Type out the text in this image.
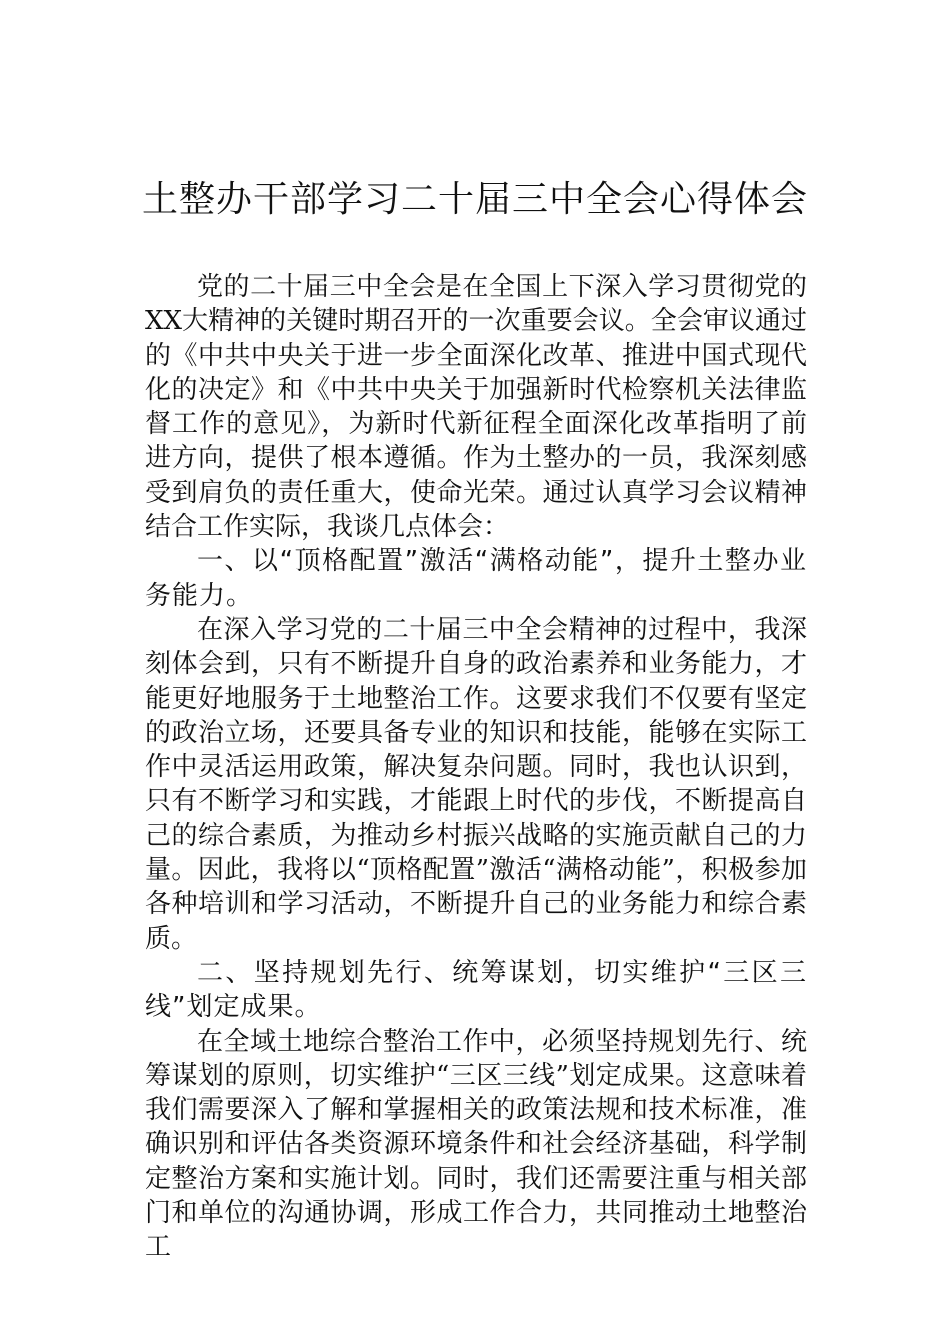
土整办干部学习二十届三中全会心得体会

党的二十届三中全会是在全国上下深入学习贯彻党的XX大精神的关键时期召开的一次重要会议。全会审议通过的《中共中央关于进一步全面深化改革、推进中国式现代化的决定》和《中共中央关于加强新时代检察机关法律监督工作的意见》，为新时代新征程全面深化改革指明了前进方向，提供了根本遵循。作为土整办的一员，我深刻感受到肩负的责任重大，使命光荣。通过认真学习会议精神结合工作实际，我谈几点体会：

一、以“顶格配置”激活“满格动能”，提升土整办业务能力。

在深入学习党的二十届三中全会精神的过程中，我深刻体会到，只有不断提升自身的政治素养和业务能力，才能更好地服务于土地整治工作。这要求我们不仅要有坚定的政治立场，还要具备专业的知识和技能，能够在实际工作中灵活运用政策，解决复杂问题。同时，我也认识到，只有不断学习和实践，才能跟上时代的步伐，不断提高自己的综合素质，为推动乡村振兴战略的实施贡献自己的力量。因此，我将以“顶格配置”激活“满格动能”，积极参加各种培训和学习活动，不断提升自己的业务能力和综合素质。

二、坚持规划先行、统筹谋划，切实维护“三区三线”划定成果。

在全域土地综合整治工作中，必须坚持规划先行、统筹谋划的原则，切实维护“三区三线”划定成果。这意味着我们需要深入了解和掌握相关的政策法规和技术标准，准确识别和评估各类资源环境条件和社会经济基础，科学制定整治方案和实施计划。同时，我们还需要注重与相关部门和单位的沟通协调，形成工作合力，共同推动土地整治工
